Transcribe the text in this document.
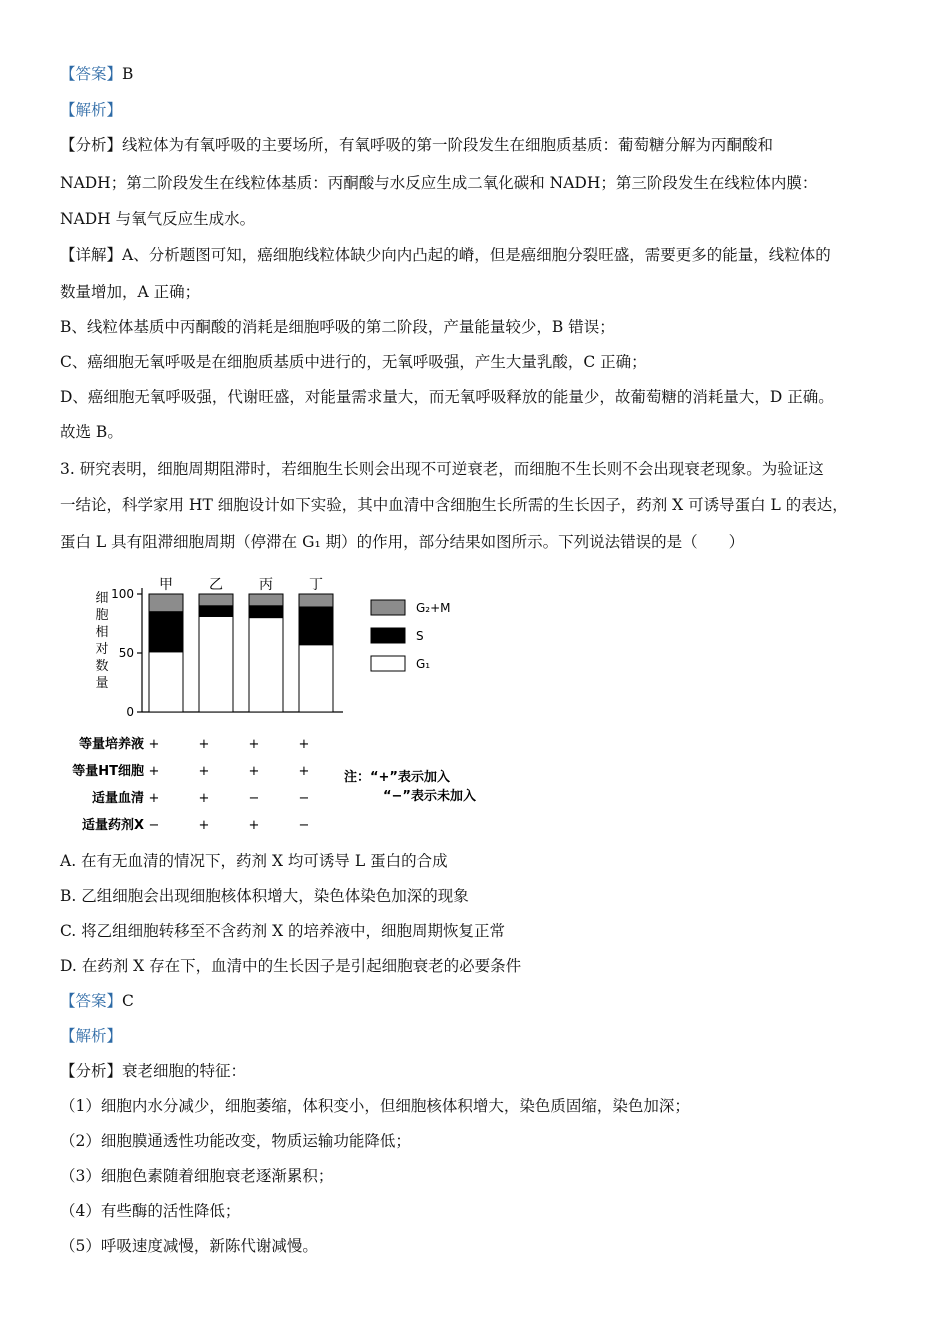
【答案】B
【解析】
【分析】线粒体为有氧呼吸的主要场所，有氧呼吸的第一阶段发生在细胞质基质：葡萄糖分解为丙酮酸和
NADH；第二阶段发生在线粒体基质：丙酮酸与水反应生成二氧化碳和 NADH；第三阶段发生在线粒体内膜：
NADH 与氧气反应生成水。
【详解】A、分析题图可知，癌细胞线粒体缺少向内凸起的嵴，但是癌细胞分裂旺盛，需要更多的能量，线粒体的
数量增加，A 正确；
B、线粒体基质中丙酮酸的消耗是细胞呼吸的第二阶段，产量能量较少，B 错误；
C、癌细胞无氧呼吸是在细胞质基质中进行的，无氧呼吸强，产生大量乳酸，C 正确；
D、癌细胞无氧呼吸强，代谢旺盛，对能量需求量大，而无氧呼吸释放的能量少，故葡萄糖的消耗量大，D 正确。
故选 B。
3. 研究表明，细胞周期阻滞时，若细胞生长则会出现不可逆衰老，而细胞不生长则不会出现衰老现象。为验证这
一结论，科学家用 HT 细胞设计如下实验，其中血清中含细胞生长所需的生长因子，药剂 X 可诱导蛋白 L 的表达，
蛋白 L 具有阻滞细胞周期（停滞在 G₁ 期）的作用，部分结果如图所示。下列说法错误的是（　　）
0
50
100
细
胞
相
对
数
量
甲	乙	丙	丁
G₂+M
S
G₁
等量培养液 +	+	+	+
等量HT细胞 +	+	+	+
适量血清 +	+	−	−
适量药剂X −	+	+	−
注：“+”表示加入
“−”表示未加入
A. 在有无血清的情况下，药剂 X 均可诱导 L 蛋白的合成
B. 乙组细胞会出现细胞核体积增大，染色体染色加深的现象
C. 将乙组细胞转移至不含药剂 X 的培养液中，细胞周期恢复正常
D. 在药剂 X 存在下，血清中的生长因子是引起细胞衰老的必要条件
【答案】C
【解析】
【分析】衰老细胞的特征：
（1）细胞内水分减少，细胞萎缩，体积变小，但细胞核体积增大，染色质固缩，染色加深；
（2）细胞膜通透性功能改变，物质运输功能降低；
（3）细胞色素随着细胞衰老逐渐累积；
（4）有些酶的活性降低；
（5）呼吸速度减慢，新陈代谢减慢。
